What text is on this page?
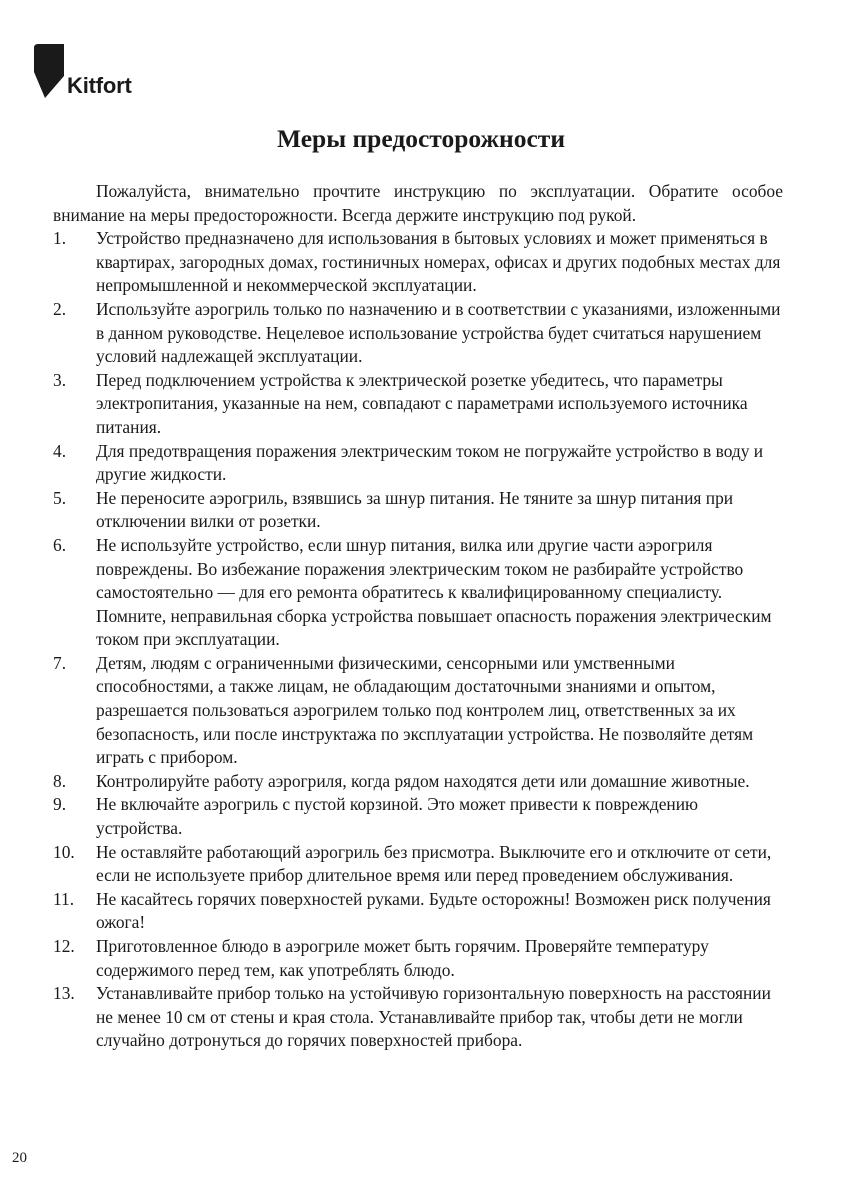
Kitfort
Меры предосторожности

Пожалуйста, внимательно прочтите инструкцию по эксплуатации. Обратите особое внимание на меры предосторожности. Всегда держите инструкцию под рукой.

1. Устройство предназначено для использования в бытовых условиях и может применяться в квартирах, загородных домах, гостиничных номерах, офисах и других подобных местах для непромышленной и некоммерческой эксплуатации.
2. Используйте аэрогриль только по назначению и в соответствии с указаниями, изложенными в данном руководстве. Нецелевое использование устройства будет считаться нарушением условий надлежащей эксплуатации.
3. Перед подключением устройства к электрической розетке убедитесь, что параметры электропитания, указанные на нем, совпадают с параметрами используемого источника питания.
4. Для предотвращения поражения электрическим током не погружайте устройство в воду и другие жидкости.
5. Не переносите аэрогриль, взявшись за шнур питания. Не тяните за шнур питания при отключении вилки от розетки.
6. Не используйте устройство, если шнур питания, вилка или другие части аэрогриля повреждены. Во избежание поражения электрическим током не разбирайте устройство самостоятельно — для его ремонта обратитесь к квалифицированному специалисту. Помните, неправильная сборка устройства повышает опасность поражения электрическим током при эксплуатации.
7. Детям, людям с ограниченными физическими, сенсорными или умственными способностями, а также лицам, не обладающим достаточными знаниями и опытом, разрешается пользоваться аэрогрилем только под контролем лиц, ответственных за их безопасность, или после инструктажа по эксплуатации устройства. Не позволяйте детям играть с прибором.
8. Контролируйте работу аэрогриля, когда рядом находятся дети или домашние животные.
9. Не включайте аэрогриль с пустой корзиной. Это может привести к повреждению устройства.
10. Не оставляйте работающий аэрогриль без присмотра. Выключите его и отключите от сети, если не используете прибор длительное время или перед проведением обслуживания.
11. Не касайтесь горячих поверхностей руками. Будьте осторожны! Возможен риск получения ожога!
12. Приготовленное блюдо в аэрогриле может быть горячим. Проверяйте температуру содержимого перед тем, как употреблять блюдо.
13. Устанавливайте прибор только на устойчивую горизонтальную поверхность на расстоянии не менее 10 см от стены и края стола. Устанавливайте прибор так, чтобы дети не могли случайно дотронуться до горячих поверхностей прибора.
20
